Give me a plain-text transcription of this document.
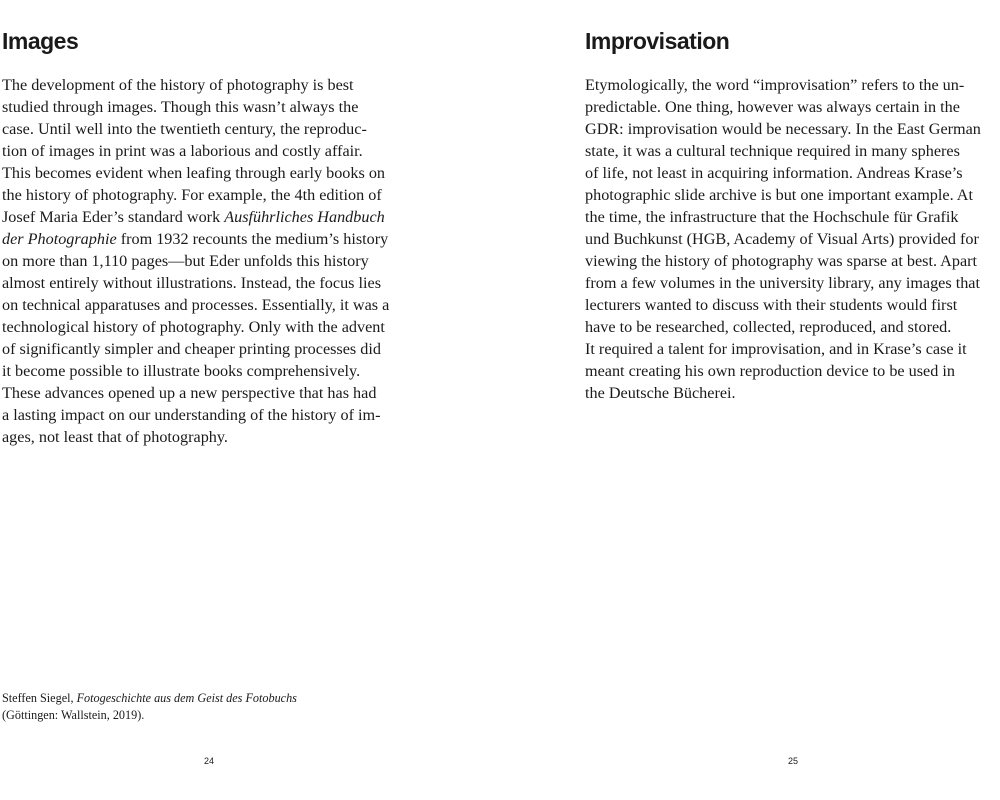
Images
The development of the history of photography is best
studied through images. Though this wasn’t always the
case. Until well into the twentieth century, the reproduc-
tion of images in print was a laborious and costly affair.
This becomes evident when leafing through early books on
the history of photography. For example, the 4th edition of
Josef Maria Eder’s standard work Ausführliches Handbuch
der Photographie from 1932 recounts the medium’s history
on more than 1,110 pages—but Eder unfolds this history
almost entirely without illustrations. Instead, the focus lies
on technical apparatuses and processes. Essentially, it was a
technological history of photography. Only with the advent
of significantly simpler and cheaper printing processes did
it become possible to illustrate books comprehensively.
These advances opened up a new perspective that has had
a lasting impact on our understanding of the history of im-
ages, not least that of photography.
Steffen Siegel, Fotogeschichte aus dem Geist des Fotobuchs
(Göttingen: Wallstein, 2019).
24
Improvisation
Etymologically, the word “improvisation” refers to the un-
predictable. One thing, however was always certain in the
GDR: improvisation would be necessary. In the East German
state, it was a cultural technique required in many spheres
of life, not least in acquiring information. Andreas Krase’s
photographic slide archive is but one important example. At
the time, the infrastructure that the Hochschule für Grafik
und Buchkunst (HGB, Academy of Visual Arts) provided for
viewing the history of photography was sparse at best. Apart
from a few volumes in the university library, any images that
lecturers wanted to discuss with their students would first
have to be researched, collected, reproduced, and stored.
It required a talent for improvisation, and in Krase’s case it
meant creating his own reproduction device to be used in
the Deutsche Bücherei.
25
